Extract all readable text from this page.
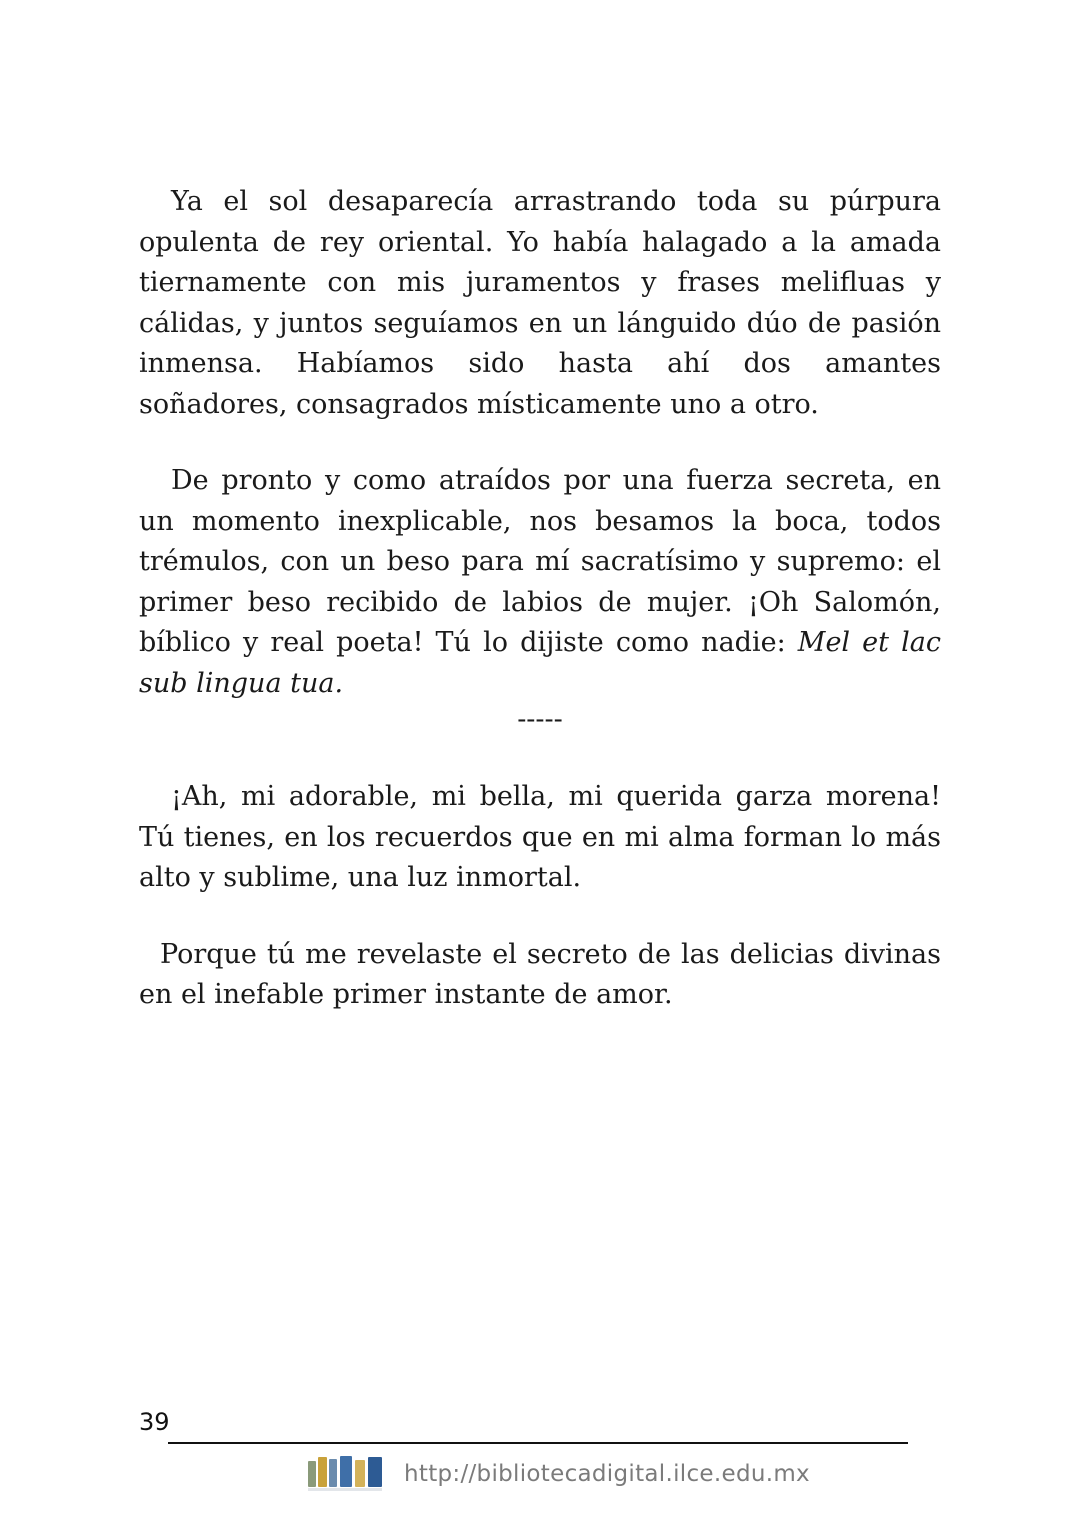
Ya el sol desaparecía arrastrando toda su púrpura opulenta de rey oriental. Yo había halagado a la amada tiernamente con mis juramentos y frases melifluas y cálidas, y juntos seguíamos en un lánguido dúo de pasión inmensa. Habíamos sido hasta ahí dos amantes soñadores, consagrados místicamente uno a otro.

De pronto y como atraídos por una fuerza secreta, en un momento inexplicable, nos besamos la boca, todos trémulos, con un beso para mí sacratísimo y supremo: el primer beso recibido de labios de mujer. ¡Oh Salomón, bíblico y real poeta! Tú lo dijiste como nadie: Mel et lac sub lingua tua.

-----

¡Ah, mi adorable, mi bella, mi querida garza morena! Tú tienes, en los recuerdos que en mi alma forman lo más alto y sublime, una luz inmortal.

Porque tú me revelaste el secreto de las delicias divinas en el inefable primer instante de amor.

39
http://bibliotecadigital.ilce.edu.mx
